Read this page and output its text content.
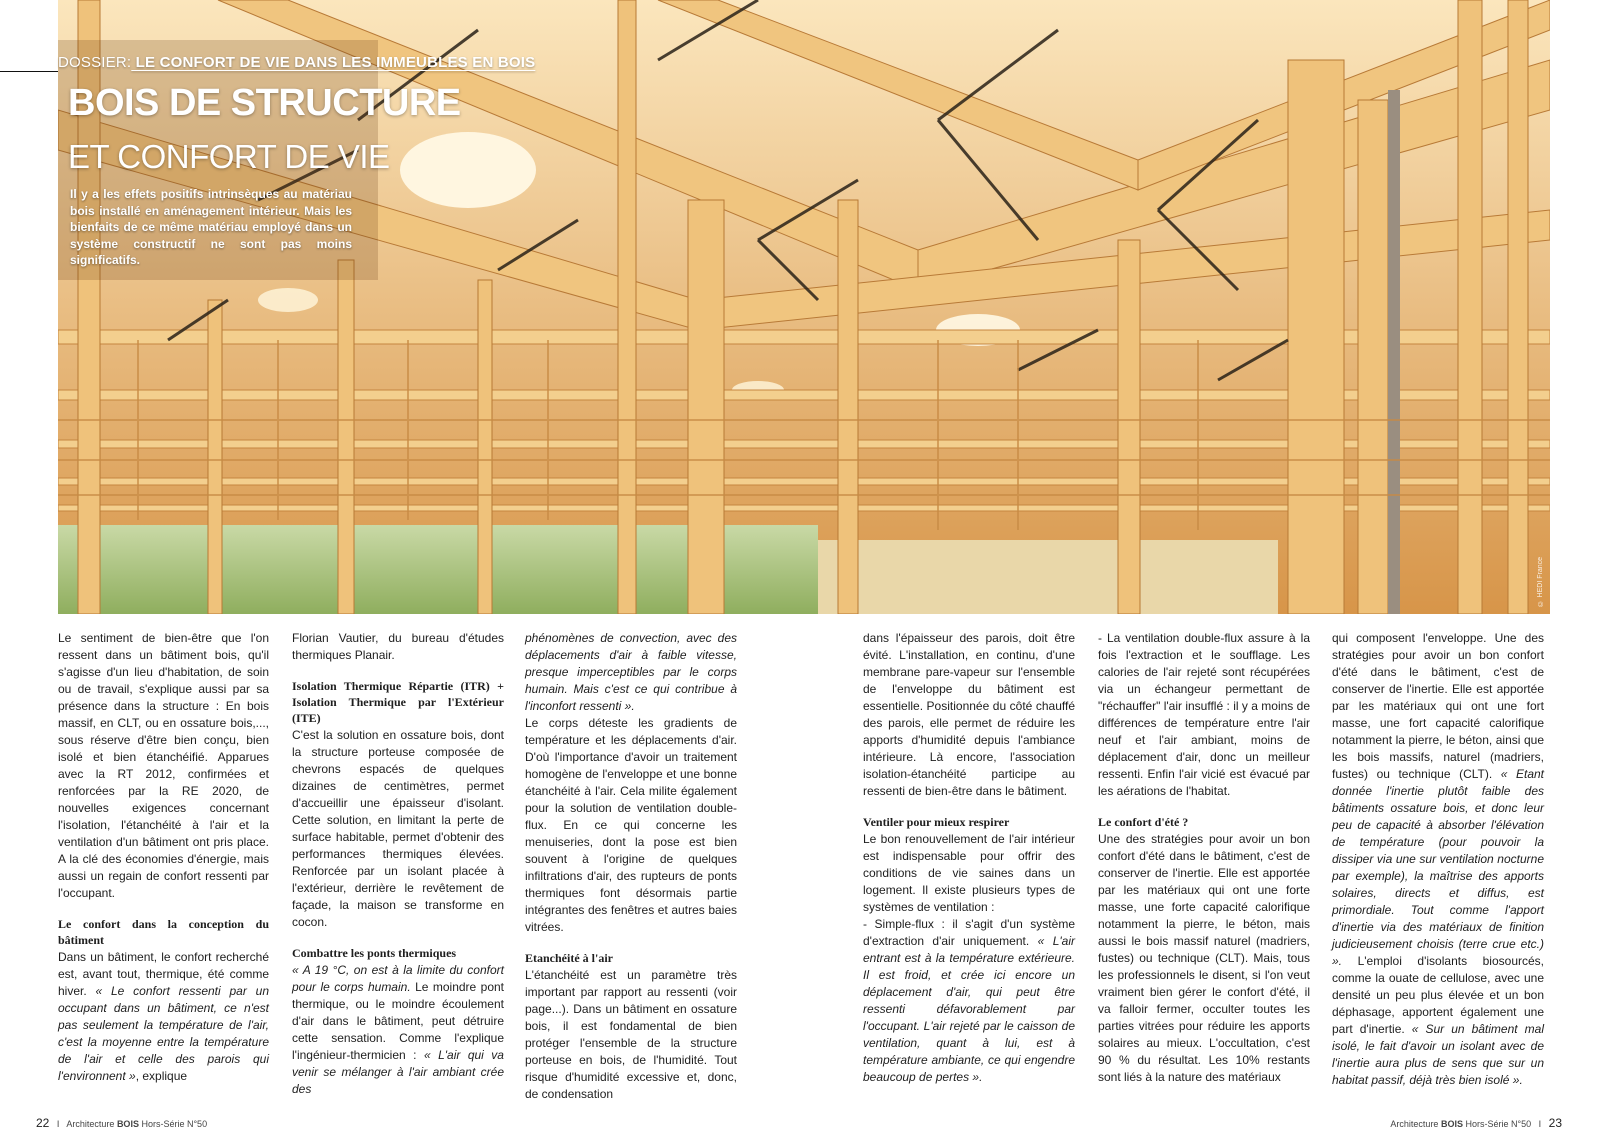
© HEDI France
DOSSIER: LE CONFORT DE VIE DANS LES IMMEUBLES EN BOIS
BOIS DE STRUCTURE
ET CONFORT DE VIE
Il y a les effets positifs intrinsèques au matériau bois installé en aménagement intérieur. Mais les bienfaits de ce même matériau employé dans un système constructif ne sont pas moins significatifs.

Le sentiment de bien-être que l'on ressent dans un bâtiment bois, qu'il s'agisse d'un lieu d'habitation, de soin ou de travail, s'explique aussi par sa présence dans la structure : En bois massif, en CLT, ou en ossature bois,..., sous réserve d'être bien conçu, bien isolé et bien étanchéifié. Apparues avec la RT 2012, confirmées et renforcées par la RE 2020, de nouvelles exigences concernant l'isolation, l'étanchéité à l'air et la ventilation d'un bâtiment ont pris place. A la clé des économies d'énergie, mais aussi un regain de confort ressenti par l'occupant.

Le confort dans la conception du bâtiment

Dans un bâtiment, le confort recherché est, avant tout, thermique, été comme hiver. « Le confort ressenti par un occupant dans un bâtiment, ce n'est pas seulement la température de l'air, c'est la moyenne entre la température de l'air et celle des parois qui l'environnent », explique

Florian Vautier, du bureau d'études thermiques Planair.

Isolation Thermique Répartie (ITR) + Isolation Thermique par l'Extérieur (ITE)

C'est la solution en ossature bois, dont la structure porteuse composée de chevrons espacés de quelques dizaines de centimètres, permet d'accueillir une épaisseur d'isolant. Cette solution, en limitant la perte de surface habitable, permet d'obtenir des performances thermiques élevées. Renforcée par un isolant placée à l'extérieur, derrière le revêtement de façade, la maison se transforme en cocon.

Combattre les ponts thermiques

« A 19 °C, on est à la limite du confort pour le corps humain. Le moindre pont thermique, ou le moindre écoulement d'air dans le bâtiment, peut détruire cette sensation. Comme l'explique l'ingénieur-thermicien : « L'air qui va venir se mélanger à l'air ambiant crée des

phénomènes de convection, avec des déplacements d'air à faible vitesse, presque imperceptibles par le corps humain. Mais c'est ce qui contribue à l'inconfort ressenti ».

Le corps déteste les gradients de température et les déplacements d'air. D'où l'importance d'avoir un traitement homogène de l'enveloppe et une bonne étanchéité à l'air. Cela milite également pour la solution de ventilation double-flux. En ce qui concerne les menuiseries, dont la pose est bien souvent à l'origine de quelques infiltrations d'air, des rupteurs de ponts thermiques font désormais partie intégrantes des fenêtres et autres baies vitrées.

Etanchéité à l'air

L'étanchéité est un paramètre très important par rapport au ressenti (voir page...). Dans un bâtiment en ossature bois, il est fondamental de bien protéger l'ensemble de la structure porteuse en bois, de l'humidité. Tout risque d'humidité excessive et, donc, de condensation

dans l'épaisseur des parois, doit être évité. L'installation, en continu, d'une membrane pare-vapeur sur l'ensemble de l'enveloppe du bâtiment est essentielle. Positionnée du côté chauffé des parois, elle permet de réduire les apports d'humidité depuis l'ambiance intérieure. Là encore, l'association isolation-étanchéité participe au ressenti de bien-être dans le bâtiment.

Ventiler pour mieux respirer

Le bon renouvellement de l'air intérieur est indispensable pour offrir des conditions de vie saines dans un logement. Il existe plusieurs types de systèmes de ventilation :

- Simple-flux : il s'agit d'un système d'extraction d'air uniquement. « L'air entrant est à la température extérieure. Il est froid, et crée ici encore un déplacement d'air, qui peut être ressenti défavorablement par l'occupant. L'air rejeté par le caisson de ventilation, quant à lui, est à température ambiante, ce qui engendre beaucoup de pertes ».

- La ventilation double-flux assure à la fois l'extraction et le soufflage. Les calories de l'air rejeté sont récupérées via un échangeur permettant de "réchauffer" l'air insufflé : il y a moins de différences de température entre l'air neuf et l'air ambiant, moins de déplacement d'air, donc un meilleur ressenti. Enfin l'air vicié est évacué par les aérations de l'habitat.

Le confort d'été ?

Une des stratégies pour avoir un bon confort d'été dans le bâtiment, c'est de conserver de l'inertie. Elle est apportée par les matériaux qui ont une forte masse, une forte capacité calorifique notamment la pierre, le béton, mais aussi le bois massif naturel (madriers, fustes) ou technique (CLT). Mais, tous les professionnels le disent, si l'on veut vraiment bien gérer le confort d'été, il va falloir fermer, occulter toutes les parties vitrées pour réduire les apports solaires au mieux. L'occultation, c'est 90 % du résultat. Les 10% restants sont liés à la nature des matériaux

qui composent l'enveloppe. Une des stratégies pour avoir un bon confort d'été dans le bâtiment, c'est de conserver de l'inertie. Elle est apportée par les matériaux qui ont une fort masse, une fort capacité calorifique notamment la pierre, le béton, ainsi que les bois massifs, naturel (madriers, fustes) ou technique (CLT). « Etant donnée l'inertie plutôt faible des bâtiments ossature bois, et donc leur peu de capacité à absorber l'élévation de température (pour pouvoir la dissiper via une sur ventilation nocturne par exemple), la maîtrise des apports solaires, directs et diffus, est primordiale. Tout comme l'apport d'inertie via des matériaux de finition judicieusement choisis (terre crue etc.) ». L'emploi d'isolants biosourcés, comme la ouate de cellulose, avec une densité un peu plus élevée et un bon déphasage, apportent également une part d'inertie. « Sur un bâtiment mal isolé, le fait d'avoir un isolant avec de l'inertie aura plus de sens que sur un habitat passif, déjà très bien isolé ».

22 I Architecture BOIS Hors-Série N°50	Architecture BOIS Hors-Série N°50 I 23
